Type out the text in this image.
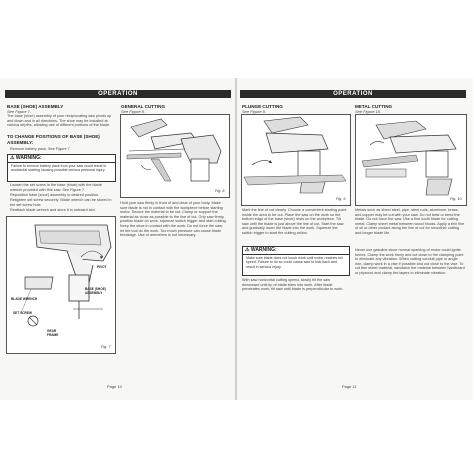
OPERATION
BASE (SHOE) ASSEMBLY
See Figure 7.
The base (shoe) assembly of your reciprocating saw pivots up and down and in all directions. The shoe may be installed at various depths, allowing use of different portions of the blade.
TO CHANGE POSITIONS OF BASE (SHOE) ASSEMBLY:
Remove battery pack. See Figure 7.
⚠ WARNING:
Failure to remove battery pack from your saw could result in accidental starting causing possible serious personal injury.
Loosen the set screw in the base (shoe) with the blade wrench provided with this saw. See Figure 7.
Reposition base (shoe) assembly to desired position.
Retighten set screw securely. Blade wrench can be stored in the set screw hole.
Reattach blade wrench and store it in onboard slot.
PIVOT
BLADE WRENCH
BASE (SHOE) ASSEMBLY
SET SCREW
GEAR FRAME
Fig. 7
GENERAL CUTTING
See Figure 8.
Fig. 8
Hold your saw firmly in front of and clear of your body. Make sure blade is not in contact with the workpiece before starting motor. Secure the material to be cut. Clamp or support the material as close as possible to the line of cut. Grip saw firmly, position blade on work, squeeze switch trigger and start cutting. Keep the shoe in contact with the work. Do not force the saw; let the tool do the work. Too much pressure can cause blade breakage. Use of ammeters is not necessary.
Page 10
OPERATION
PLUNGE CUTTING
See Figure 9.
METAL CUTTING
See Figure 10.
Fig. 9	Fig. 10
Mark the line of cut clearly. Choose a convenient starting point inside the area to be cut. Place the saw on the work so the bottom edge of the base (shoe) rests on the workpiece. Tilt saw until the blade is just above the line of cut. Start the saw and gradually lower the blade into the work. Squeeze the switch trigger to start the cutting action.
⚠ WARNING:
Make sure blade does not touch work until motor reaches full speed. Failure to do so could cause saw to kick back and result in serious injury.
With saw horizontal cutting speed, slowly tilt the saw downward until tip of blade bites into work. After blade penetrates work, tilt saw until blade is perpendicular to work.
Metals such as sheet steel, pipe, steel rods, aluminum, brass, and copper may be cut with your saw. Do not twist or bend the blade. Do not force the saw. Use a fine-tooth blade for cutting metal. Clamp sheet metal between wood blocks. Apply a thin film of oil or other coolant along the line of cut for smoother cutting and longer blade life.
Never use gasoline since normal sparking of motor could ignite fumes. Clamp the work firmly and cut close to the clamping point to eliminate any vibration. When cutting conduit pipe or angle iron, clamp work in a vise if possible and cut close to the vise. To cut thin sheet material, sandwich the material between hardboard or plywood and clamp the layers to eliminate vibration.
Page 11
